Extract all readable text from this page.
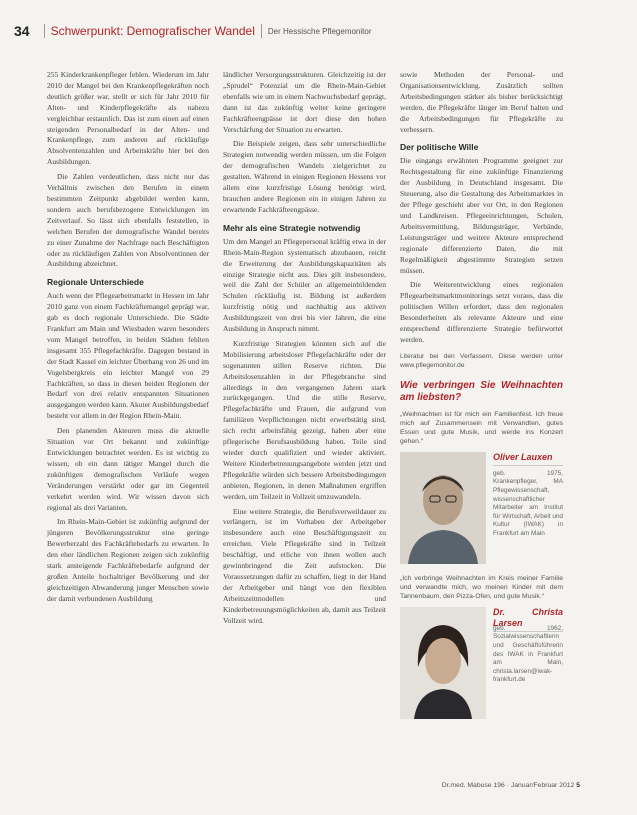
34 Schwerpunkt: Demografischer Wandel Der Hessische Pflegemonitor

255 Kinderkrankenpfleger fehlen. Wiederum im Jahr 2010 der Mangel bei den Krankenpflegekräften noch deutlich größer war, stellt er sich für Jahr 2010 für Alten- und Kinderpflegekräfte als nahezu vergleichbar erstaunlich. Das ist zum einen auf einen steigenden Personalbedarf in der Alten- und Krankenpflege, zum anderen auf rückläufige Absolventenzahlen und Arbeitskräfte hier bei den Ausbildungen.

Die Zahlen verdeutlichen, dass nicht nur das Verhältnis zwischen den Berufen in einem bestimmten Zeitpunkt abgebildet werden kann, sondern auch berufsbezogene Entwicklungen im Zeitverlauf. So lässt sich ebenfalls feststellen, in welchen Berufen der demografische Wandel bereits zu einer Zunahme der Nachfrage nach Beschäftigten oder zu rückläufigen Zahlen von Absolventinnen der Ausbildung abzeichnet.

Regionale Unterschiede

Auch wenn der Pflegearbeitsmarkt in Hessen im Jahr 2010 ganz von einem Fachkräftemangel geprägt war, gab es doch regionale Unterschiede. Die Städte Frankfurt am Main und Wiesbaden waren besonders vom Mangel betroffen, in beiden Städten fehlten insgesamt 355 Pflegefachkräfte. Dagegen bestand in der Stadt Kassel ein leichter Überhang von 26 und im Vogelsbergkreis ein leichter Mangel von 29 Fachkräften, so dass in diesen beiden Regionen der Bedarf von drei relativ entspannten Situationen ausgegangen werden kann. Akuter Ausbildungsbedarf besteht vor allem in der Region Rhein-Main.

Den planenden Akteuren muss die aktuelle Situation vor Ort bekannt und zukünftige Entwicklungen betrachtet werden. Es ist wichtig zu wissen, ob ein dann tätiger Mangel durch die zukünftigen demografischen Verläufe wegen Veränderungen verstärkt oder gar im Gegenteil verkehrt werden wird. Wir wissen davon sich regional als drei Varianten.

Im Rhein-Main-Gebiet ist zukünftig aufgrund der jüngeren Bevölkerungsstruktur eine geringe Bewerberzahl des Fachkräftebedarfs zu erwarten. In den eher ländlichen Regionen zeigen sich zukünftig stark ansteigende Fachkräftebedarfe aufgrund der großen Anteile hochaltriger Bevölkerung und der gleichzeitigen Abwanderung junger Menschen sowie der damit verbundenen Ausbildung

ländlicher Versorgungsstrukturen. Gleichzeitig ist der „Sprudel“ Potenzial um die Rhein-Main-Gebiet ebenfalls wie um in einem Nachwuchsbedarf geprägt, dann ist das zukünftig weiter keine geringere Fachkräfteengpässe ist dort diese den hohen Verschärfung der Situation zu erwarten.

Die Beispiele zeigen, dass sehr unterschiedliche Strategien notwendig werden müssen, um die Folgen der demografischen Wandels zielgerichtet zu gestalten. Während in einigen Regionen Hessens vor allem eine kurzfristige Lösung benötigt wird, brauchen andere Regionen ein in einigen Jahren zu erwartende Fachkräfteengpässe.

Mehr als eine Strategie notwendig

Um den Mangel an Pflegepersonal kräftig etwa in der Rhein-Main-Region systematisch abzubauen, reicht die Erweiterung der Ausbildungskapazitäten als einzige Strategie nicht aus. Dies gilt insbesondere, weil die Zahl der Schüler an allgemeinbildenden Schulen rückläufig ist. Bildung ist außerdem kurzfristig nötig und nachhaltig aus aktiven Ausbildungszeit von drei bis vier Jahren, die eine Ausbildung in Anspruch nimmt.

Kurzfristige Strategien könnten sich auf die Mobilisierung arbeitsloser Pflegefachkräfte oder der sogenannten stillen Reserve richten. Die Arbeitslosenzahlen in der Pflegebranche sind allerdings in den vergangenen Jahren stark zurückgegangen. Und die stille Reserve, Pflegefachkräfte und Frauen, die aufgrund von familiären Verpflichtungen nicht erwerbstätig sind, sich recht arbeitsfähig gezeigt, haben aber eine pflegerische Berufsausbildung haben. Teile sind wieder durch qualifiziert und wieder aktiviert. Weitere Kinderbetreuungsangebote werden jetzt und Pflegekräfte würden sich bessere Arbeitsbedingungen anbieten, Regionen, in denen Maßnahmen ergriffen werden, um Teilzeit in Vollzeit umzuwandeln.

Eine weitere Strategie, die Berufsverweildauer zu verlängern, ist im Vorhaben der Arbeitgeber insbesondere auch eine Beschäftigungszeit zu erreichen. Viele Pflegekräfte sind in Teilzeit beschäftigt, und etliche von ihnen wollen auch gewinnbringend die Zeit aufstocken. Die Voraussetzungen dafür zu schaffen, liegt in der Hand der Arbeitgeber und hängt von den flexiblen Arbeitszeitmodellen und Kinderbetreuungsmöglichkeiten ab, damit aus Teilzeit Vollzeit wird.

sowie Methoden der Personal- und Organisationsentwicklung. Zusätzlich sollten Arbeitsbedingungen stärker als bisher berücksichtigt werden, die Pflegekräfte länger im Beruf halten und die Arbeitsbedingungen für Pflegekräfte zu verbessern.

Der politische Wille

Die eingangs erwähnten Programme geeignet zur Rechtsgestaltung für eine zukünftige Finanzierung der Ausbildung in Deutschland insgesamt. Die Steuerung, also die Gestaltung des Arbeitsmarktes in der Pflege geschieht aber vor Ort, in den Regionen und Landkreisen. Pflegeeinrichtungen, Schulen, Arbeitsvermittlung, Bildungsträger, Verbände, Leistungsträger und weitere Akteure entsprechend regionale differenzierte Daten, die mit Regelmäßigkeit abgestimmte Strategien setzen müssen.

Die Weiterentwicklung eines regionalen Pflegearbeitsmarktmonitorings setzt voraus, dass die politischen Willen erfordert, dass den regionalen Besonderheiten als relevante Akteure und eine entsprechend differenzierte Strategie befürwortet werden.

Literatur bei den Verfassern. Diese werden unter www.pflegemonitor.de
Wie verbringen Sie Weihnachten am liebsten?
„Weihnachten ist für mich ein Familienfest. Ich freue mich auf Zusammensein mit Verwandten, gutes Essen und gute Musik, und werde ins Konzert gehen.“
Oliver Lauxen
geb. 1975, Krankenpfleger, MA Pflegewissenschaft, wissenschaftlicher Mitarbeiter am Institut für Wirtschaft, Arbeit und Kultur (IWAK) in Frankfurt am Main
„Ich verbringe Weihnachten im Kreis meiner Familie und verwandte mich, wo meinen Kinder mit dem Tannenbaum, den Pizza-Ofen, und gute Musik.“
Dr. Christa Larsen
geb. 1962, Sozialwissenschaftlerin und Geschäftsführerin des IWAK in Frankfurt am Main, christa.larsen@iwak-frankfurt.de
Dr.med. Mabuse 196 · Januar/Februar 2012 5
